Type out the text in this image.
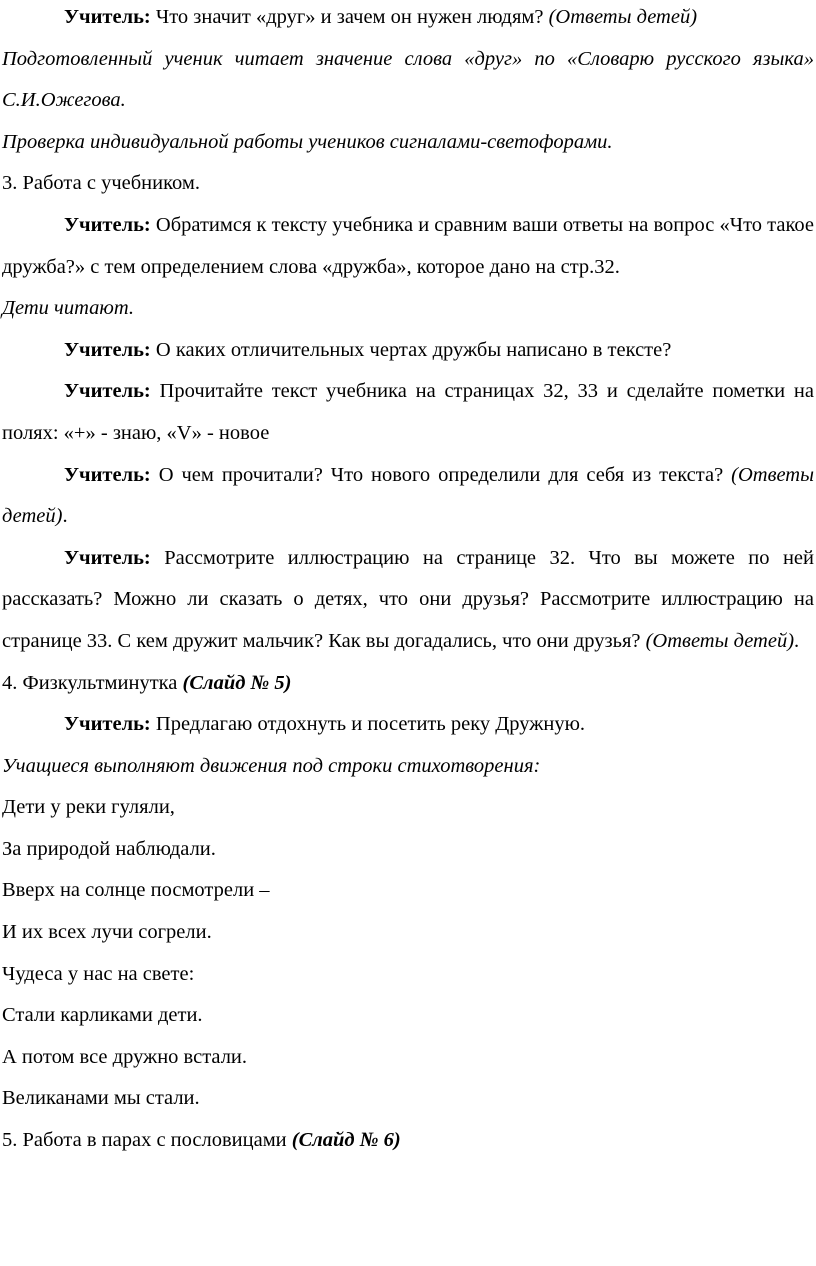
Учитель: Что значит «друг» и зачем он нужен людям? (Ответы детей)

Подготовленный ученик читает значение слова «друг» по «Словарю русского языка» С.И.Ожегова.

Проверка индивидуальной работы учеников сигналами-светофорами.

3. Работа с учебником.

Учитель: Обратимся к тексту учебника и сравним ваши ответы на вопрос «Что такое дружба?» с тем определением слова «дружба», которое дано на стр.32.

Дети читают.

Учитель: О каких отличительных чертах дружбы написано в тексте?

Учитель: Прочитайте текст учебника на страницах 32, 33 и сделайте пометки на полях: «+» - знаю, «V» - новое

Учитель: О чем прочитали? Что нового определили для себя из текста? (Ответы детей).

Учитель: Рассмотрите иллюстрацию на странице 32. Что вы можете по ней рассказать? Можно ли сказать о детях, что они друзья? Рассмотрите иллюстрацию на странице 33. С кем дружит мальчик? Как вы догадались, что они друзья? (Ответы детей).

4. Физкультминутка (Слайд № 5)

Учитель: Предлагаю отдохнуть и посетить реку Дружную.

Учащиеся выполняют движения под строки стихотворения:

Дети у реки гуляли,

За природой наблюдали.

Вверх на солнце посмотрели –

И их всех лучи согрели.

Чудеса у нас на свете:

Стали карликами дети.

А потом все дружно встали.

Великанами мы стали.

5. Работа в парах с пословицами (Слайд № 6)
